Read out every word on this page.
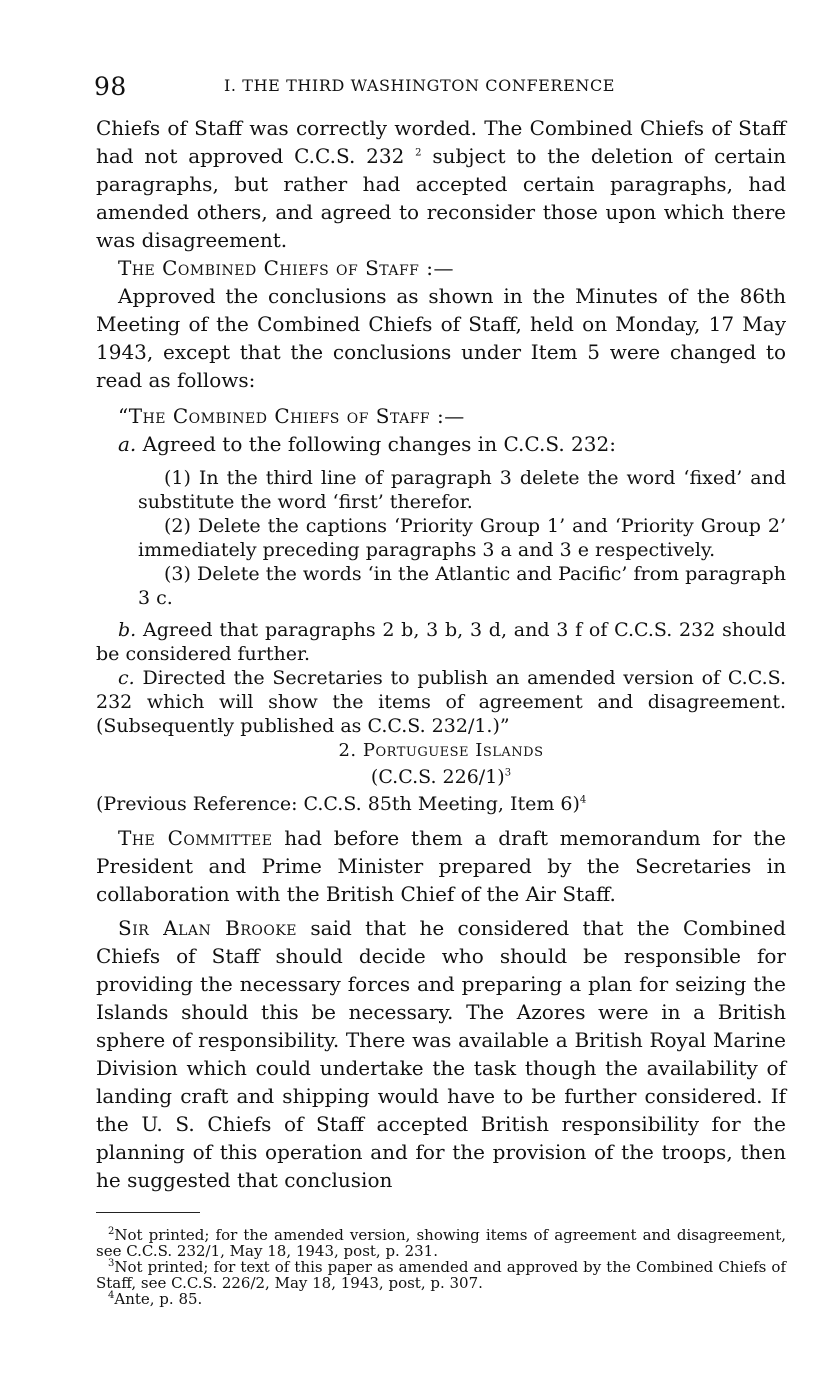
98	I. THE THIRD WASHINGTON CONFERENCE

Chiefs of Staff was correctly worded. The Combined Chiefs of Staff had not approved C.C.S. 232 $^2$ subject to the deletion of certain paragraphs, but rather had accepted certain paragraphs, had amended others, and agreed to reconsider those upon which there was disagreement.

The Combined Chiefs of Staff :—

Approved the conclusions as shown in the Minutes of the 86th Meeting of the Combined Chiefs of Staff, held on Monday, 17 May 1943, except that the conclusions under Item 5 were changed to read as follows:

“The Combined Chiefs of Staff :—

a. Agreed to the following changes in C.C.S. 232:

(1) In the third line of paragraph 3 delete the word ‘fixed’ and substitute the word ‘first’ therefor.

(2) Delete the captions ‘Priority Group 1’ and ‘Priority Group 2’ immediately preceding paragraphs 3 a and 3 e respectively.

(3) Delete the words ‘in the Atlantic and Pacific’ from paragraph 3 c.

b. Agreed that paragraphs 2 b, 3 b, 3 d, and 3 f of C.C.S. 232 should be considered further.

c. Directed the Secretaries to publish an amended version of C.C.S. 232 which will show the items of agreement and disagreement. (Subsequently published as C.C.S. 232/1.)”

2. Portuguese Islands

(C.C.S. 226/1)$^3$

(Previous Reference: C.C.S. 85th Meeting, Item 6)$^4$

The Committee had before them a draft memorandum for the President and Prime Minister prepared by the Secretaries in collaboration with the British Chief of the Air Staff.

Sir Alan Brooke said that he considered that the Combined Chiefs of Staff should decide who should be responsible for providing the necessary forces and preparing a plan for seizing the Islands should this be necessary. The Azores were in a British sphere of responsibility. There was available a British Royal Marine Division which could undertake the task though the availability of landing craft and shipping would have to be further considered. If the U. S. Chiefs of Staff accepted British responsibility for the planning of this operation and for the provision of the troops, then he suggested that conclusion

$^2$Not printed; for the amended version, showing items of agreement and disagreement, see C.C.S. 232/1, May 18, 1943, post, p. 231.

$^3$Not printed; for text of this paper as amended and approved by the Combined Chiefs of Staff, see C.C.S. 226/2, May 18, 1943, post, p. 307.

$^4$Ante, p. 85.
